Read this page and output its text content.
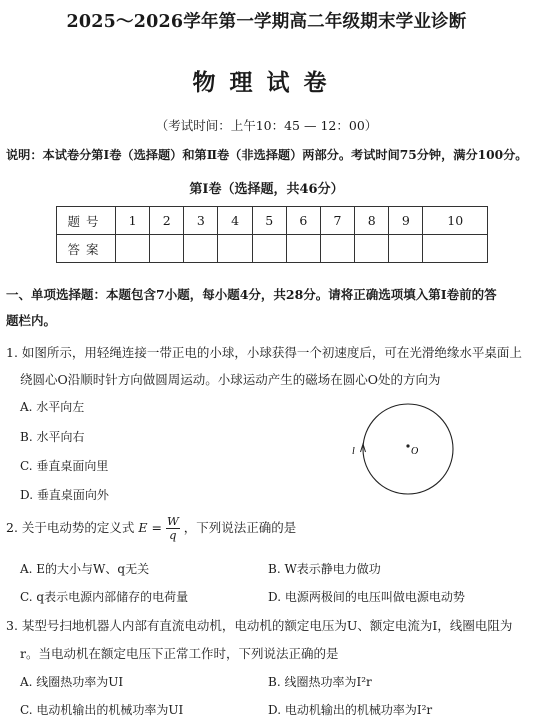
2025～2026学年第一学期高二年级期末学业诊断
物理试卷
（考试时间：上午10：45 — 12：00）
说明：本试卷分第Ⅰ卷（选择题）和第Ⅱ卷（非选择题）两部分。考试时间75分钟，满分100分。
第Ⅰ卷（选择题，共46分）
题号	1	2	3	4	5	6	7	8	9	10
答案										
一、单项选择题：本题包含7小题，每小题4分，共28分。请将正确选项填入第Ⅰ卷前的答
题栏内。
1. 如图所示，用轻绳连接一带正电的小球，小球获得一个初速度后，可在光滑绝缘水平桌面上
绕圆心O沿顺时针方向做圆周运动。小球运动产生的磁场在圆心O处的方向为
A. 水平向左
B. 水平向右
C. 垂直桌面向里
D. 垂直桌面向外
O
l
2. 关于电动势的定义式 $E = \frac{W}{q}$ ，下列说法正确的是
A. E的大小与W、q无关	B. W表示静电力做功
C. q表示电源内部储存的电荷量	D. 电源两极间的电压叫做电源电动势
3. 某型号扫地机器人内部有直流电动机，电动机的额定电压为U、额定电流为I，线圈电阻为
r。当电动机在额定电压下正常工作时，下列说法正确的是
A. 线圈热功率为UI	B. 线圈热功率为I²r
C. 电动机输出的机械功率为UI	D. 电动机输出的机械功率为I²r
